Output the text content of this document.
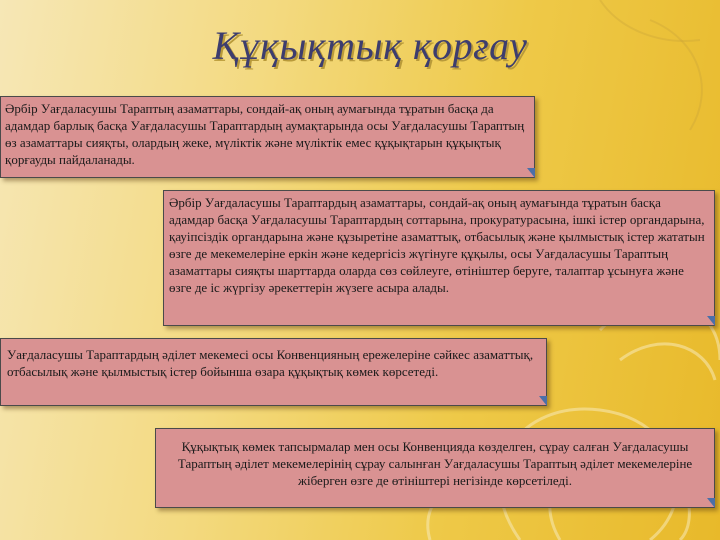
Құқықтық қорғау
Әрбір Уағдаласушы Тараптың азаматтары, сондай-ақ оның аумағында тұратын басқа да адамдар барлық басқа Уағдаласушы Тараптардың аумақтарында осы Уағдаласушы Тараптың өз азаматтары сияқты, олардың жеке, мүліктік және мүліктік емес құқықтарын құқықтық қорғауды пайдаланады.
Әрбір Уағдаласушы Тараптардың азаматтары, сондай-ақ оның аумағында тұратын басқа адамдар басқа Уағдаласушы Тараптардың соттарына, прокуратурасына, ішкі істер органдарына, қауіпсіздік органдарына және құзыретіне азаматтық, отбасылық және қылмыстық істер жататын өзге де мекемелеріне еркін және кедергісіз жүгінуге құқылы, осы Уағдаласушы Тараптың азаматтары сияқты шарттарда оларда сөз сөйлеуге, өтініштер беруге, талаптар ұсынуға және өзге де іс жүргізу әрекеттерін жүзеге асыра алады.
Уағдаласушы Тараптардың әділет мекемесі осы Конвенцияның ережелеріне сәйкес азаматтық, отбасылық және қылмыстық істер бойынша өзара құқықтық көмек көрсетеді.
Құқықтық көмек тапсырмалар мен осы Конвенцияда көзделген, сұрау салған Уағдаласушы Тараптың әділет мекемелерінің сұрау салынған Уағдаласушы Тараптың әділет мекемелеріне жіберген өзге де өтініштері негізінде көрсетіледі.
